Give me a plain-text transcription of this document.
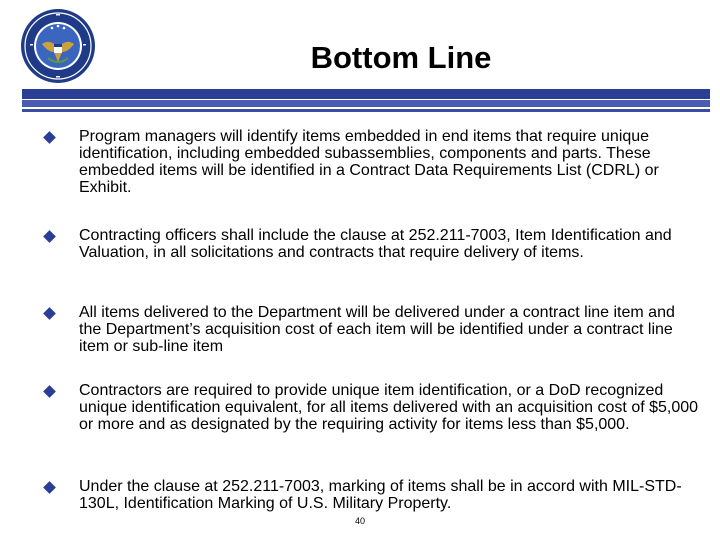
Bottom Line
Program managers will identify items embedded in end items that require unique identification, including embedded subassemblies, components and parts. These embedded items will be identified in a Contract Data Requirements List (CDRL) or Exhibit.
Contracting officers shall include the clause at 252.211-7003, Item Identification and Valuation, in all solicitations and contracts that require delivery of items.
All items delivered to the Department will be delivered under a contract line item and the Department’s acquisition cost of each item will be identified under a contract line item or sub-line item
Contractors are required to provide unique item identification, or a DoD recognized unique identification equivalent, for all items delivered with an acquisition cost of $5,000 or more and as designated by the requiring activity for items less than $5,000.
Under the clause at 252.211-7003, marking of items shall be in accord with MIL-STD-130L, Identification Marking of U.S. Military Property.
40
